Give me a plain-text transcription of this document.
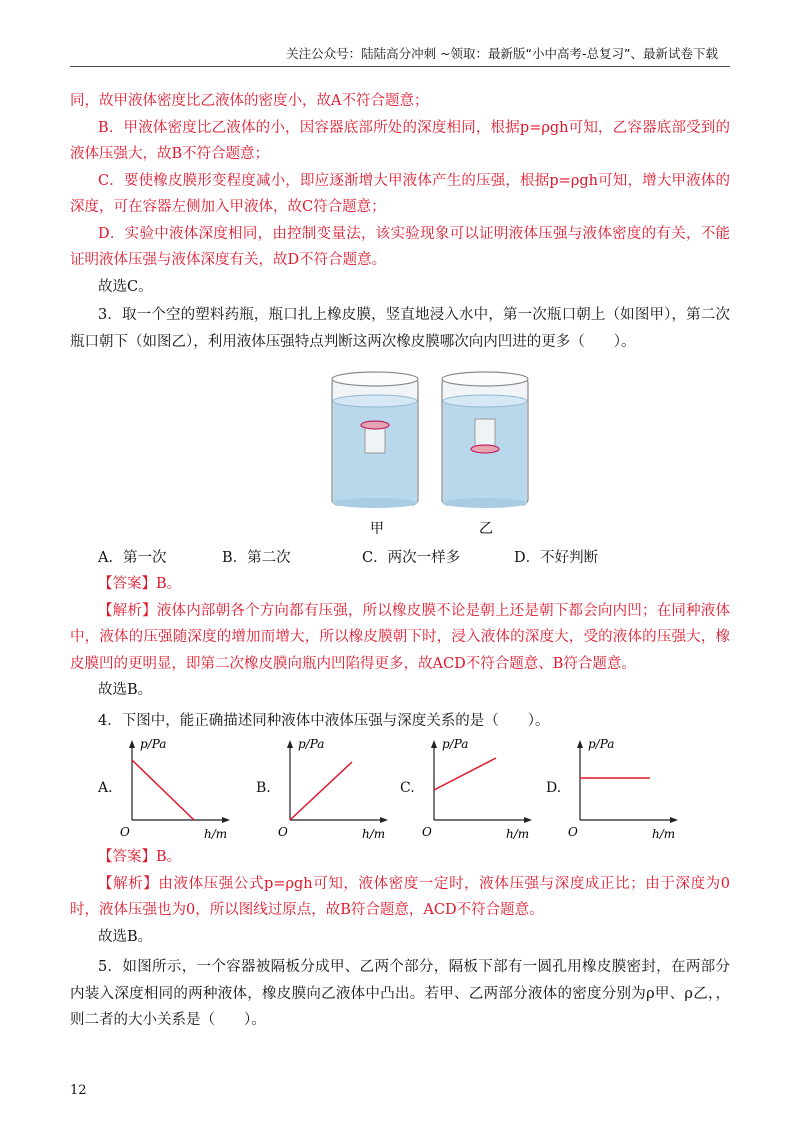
关注公众号：陆陆高分冲刺 ~领取：最新版“小中高考-总复习”、最新试卷下载

同，故甲液体密度比乙液体的密度小，故A不符合题意；

B．甲液体密度比乙液体的小，因容器底部所处的深度相同，根据p=ρgh可知，乙容器底部受到的液体压强大，故B不符合题意；

C．要使橡皮膜形变程度减小，即应逐渐增大甲液体产生的压强，根据p=ρgh可知，增大甲液体的深度，可在容器左侧加入甲液体，故C符合题意；

D．实验中液体深度相同，由控制变量法，该实验现象可以证明液体压强与液体密度的有关，不能证明液体压强与液体深度有关，故D不符合题意。

故选C。

3．取一个空的塑料药瓶，瓶口扎上橡皮膜，竖直地浸入水中，第一次瓶口朝上（如图甲），第二次瓶口朝下（如图乙），利用液体压强特点判断这两次橡皮膜哪次向内凹进的更多（　　）。

甲	乙
A．第一次	B．第二次	C．两次一样多	D．不好判断

【答案】B。

【解析】液体内部朝各个方向都有压强，所以橡皮膜不论是朝上还是朝下都会向内凹；在同种液体中，液体的压强随深度的增加而增大，所以橡皮膜朝下时，浸入液体的深度大，受的液体的压强大，橡皮膜凹的更明显，即第二次橡皮膜向瓶内凹陷得更多，故ACD不符合题意、B符合题意。

故选B。

4．下图中，能正确描述同种液体中液体压强与深度关系的是（　　）。

A.
p/Pa
O	h/m
B.
p/Pa
O	h/m
C.
p/Pa
O	h/m
D.
p/Pa
O	h/m

【答案】B。

【解析】由液体压强公式p=ρgh可知，液体密度一定时，液体压强与深度成正比；由于深度为0时，液体压强也为0，所以图线过原点，故B符合题意，ACD不符合题意。

故选B。

5．如图所示，一个容器被隔板分成甲、乙两个部分，隔板下部有一圆孔用橡皮膜密封，在两部分内装入深度相同的两种液体，橡皮膜向乙液体中凸出。若甲、乙两部分液体的密度分别为ρ甲、ρ乙，，则二者的大小关系是（　　）。

12
